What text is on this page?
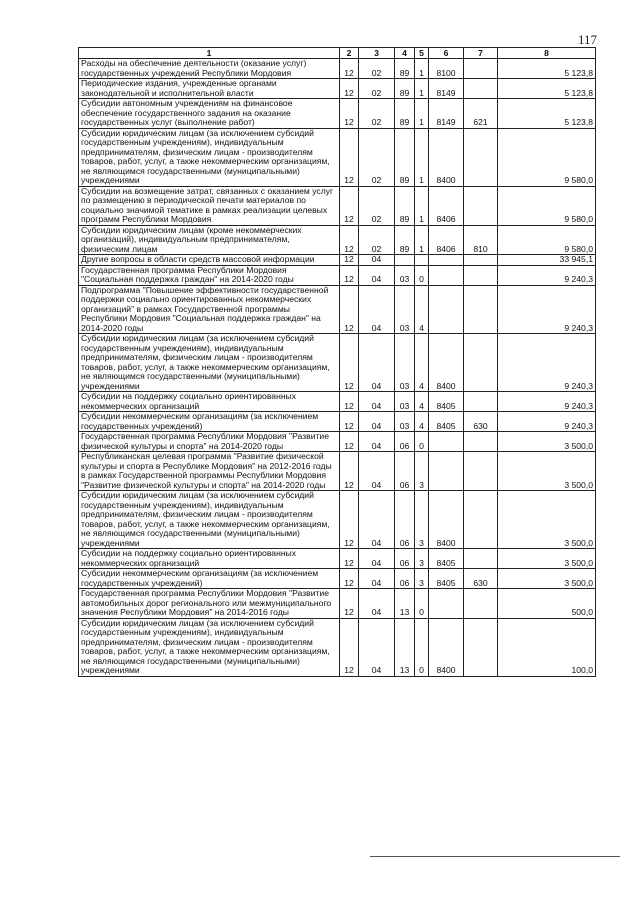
117
1	2	3	4	5	6	7	8
Расходы на обеспечение деятельности (оказание услуг) государственных учреждений Республики Мордовия	12	02	89	1	8100		5 123,8
Периодические издания, учрежденные органами законодательной и исполнительной власти	12	02	89	1	8149		5 123,8
Субсидии автономным учреждениям на финансовое обеспечение государственного задания на оказание государственных услуг (выполнение работ)	12	02	89	1	8149	621	5 123,8
Субсидии юридическим лицам (за исключением субсидий государственным учреждениям), индивидуальным предпринимателям, физическим лицам - производителям товаров, работ, услуг, а также некоммерческим организациям, не являющимся государственными (муниципальными) учреждениями	12	02	89	1	8400		9 580,0
Субсидии на возмещение затрат, связанных с оказанием услуг по размещению в периодической печати материалов по социально значимой тематике в рамках реализации целевых программ Республики Мордовия	12	02	89	1	8406		9 580,0
Субсидии юридическим лицам (кроме некоммерческих организаций), индивидуальным предпринимателям, физическим лицам	12	02	89	1	8406	810	9 580,0
Другие вопросы в области средств массовой информации	12	04					33 945,1
Государственная программа Республики Мордовия "Социальная поддержка граждан" на 2014-2020 годы	12	04	03	0			9 240,3
Подпрограмма "Повышение эффективности государственной поддержки социально ориентированных некоммерческих организаций" в рамках Государственной программы Республики Мордовия "Социальная поддержка граждан" на 2014-2020 годы	12	04	03	4			9 240,3
Субсидии юридическим лицам (за исключением субсидий государственным учреждениям), индивидуальным предпринимателям, физическим лицам - производителям товаров, работ, услуг, а также некоммерческим организациям, не являющимся государственными (муниципальными) учреждениями	12	04	03	4	8400		9 240,3
Субсидии на поддержку социально ориентированных некоммерческих организаций	12	04	03	4	8405		9 240,3
Субсидии некоммерческим организациям (за исключением государственных учреждений)	12	04	03	4	8405	630	9 240,3
Государственная программа Республики Мордовия "Развитие физической культуры и спорта" на 2014-2020 годы	12	04	06	0			3 500,0
Республиканская целевая программа "Развитие физической культуры и спорта в Республике Мордовия" на 2012-2016 годы в рамках Государственной программы Республики Мордовия "Развитие физической культуры и спорта" на 2014-2020 годы	12	04	06	3			3 500,0
Субсидии юридическим лицам (за исключением субсидий государственным учреждениям), индивидуальным предпринимателям, физическим лицам - производителям товаров, работ, услуг, а также некоммерческим организациям, не являющимся государственными (муниципальными) учреждениями	12	04	06	3	8400		3 500,0
Субсидии на поддержку социально ориентированных некоммерческих организаций	12	04	06	3	8405		3 500,0
Субсидии некоммерческим организациям (за исключением государственных учреждений)	12	04	06	3	8405	630	3 500,0
Государственная программа Республики Мордовия "Развитие автомобильных дорог регионального или межмуниципального значения Республики Мордовия" на 2014-2016 годы	12	04	13	0			500,0
Субсидии юридическим лицам (за исключением субсидий государственным учреждениям), индивидуальным предпринимателям, физическим лицам - производителям товаров, работ, услуг, а также некоммерческим организациям, не являющимся государственными (муниципальными) учреждениями	12	04	13	0	8400		100,0
